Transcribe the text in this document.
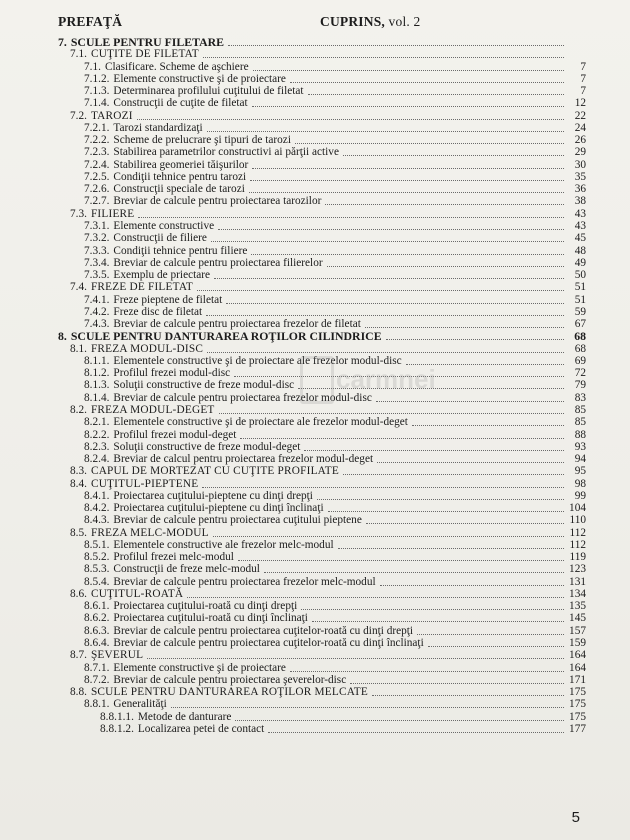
PREFAŢĂ	CUPRINS, vol. 2
7. SCULE PENTRU FILETARE
7.1. CUŢITE DE FILETAT
7.1. Clasificare. Scheme de aşchiere	7
7.1.2. Elemente constructive şi de proiectare	7
7.1.3. Determinarea profilului cuţitului de filetat	7
7.1.4. Construcţii de cuţite de filetat	12
7.2. TAROZI	22
7.2.1. Tarozi standardizaţi	24
7.2.2. Scheme de prelucrare şi tipuri de tarozi	26
7.2.3. Stabilirea parametrilor constructivi ai părţii active	29
7.2.4. Stabilirea geomeriei tăişurilor	30
7.2.5. Condiţii tehnice pentru tarozi	35
7.2.6. Construcţii speciale de tarozi	36
7.2.7. Breviar de calcule pentru proiectarea tarozilor	38
7.3. FILIERE	43
7.3.1. Elemente constructive	43
7.3.2. Construcţii de filiere	45
7.3.3. Condiţii tehnice pentru filiere	48
7.3.4. Breviar de calcule pentru proiectarea filierelor	49
7.3.5. Exemplu de priectare	50
7.4. FREZE DE FILETAT	51
7.4.1. Freze pieptene de filetat	51
7.4.2. Freze disc de filetat	59
7.4.3. Breviar de calcule pentru proiectarea frezelor de filetat	67
8. SCULE PENTRU DANTURAREA ROŢILOR CILINDRICE	68
8.1. FREZA MODUL-DISC	68
8.1.1. Elementele constructive şi de proiectare ale frezelor modul-disc	69
8.1.2. Profilul frezei modul-disc	72
8.1.3. Soluţii constructive de freze modul-disc	79
8.1.4. Breviar de calcule pentru proiectarea frezelor modul-disc	83
8.2. FREZA MODUL-DEGET	85
8.2.1. Elementele constructive şi de proiectare ale frezelor modul-deget	85
8.2.2. Profilul frezei modul-deget	88
8.2.3. Soluţii constructive de freze modul-deget	93
8.2.4. Breviar de calcul pentru proiectarea frezelor modul-deget	94
8.3. CAPUL DE MORTEZAT CU CUŢITE PROFILATE	95
8.4. CUŢITUL-PIEPTENE	98
8.4.1. Proiectarea cuţitului-pieptene cu dinţi drepţi	99
8.4.2. Proiectarea cuţitului-pieptene cu dinţi înclinaţi	104
8.4.3. Breviar de calcule pentru proiectarea cuţitului pieptene	110
8.5. FREZA MELC-MODUL	112
8.5.1. Elementele constructive ale frezelor melc-modul	112
8.5.2. Profilul frezei melc-modul	119
8.5.3. Construcţii de freze melc-modul	123
8.5.4. Breviar de calcule pentru proiectarea frezelor melc-modul	131
8.6. CUŢITUL-ROATĂ	134
8.6.1. Proiectarea cuţitului-roată cu dinţi drepţi	135
8.6.2. Proiectarea cuţitului-roată cu dinţi înclinaţi	145
8.6.3. Breviar de calcule pentru proiectarea cuţitelor-roată cu dinţi drepţi	157
8.6.4. Breviar de calcule pentru proiectarea cuţitelor-roată cu dinţi înclinaţi	159
8.7. ŞEVERUL	164
8.7.1. Elemente constructive şi de proiectare	164
8.7.2. Breviar de calcule pentru proiectarea şeverelor-disc	171
8.8. SCULE PENTRU DANTURAREA ROŢILOR MELCATE	175
8.8.1. Generalităţi	175
8.8.1.1. Metode de danturare	175
8.8.1.2. Localizarea petei de contact	177
carmnei
5
